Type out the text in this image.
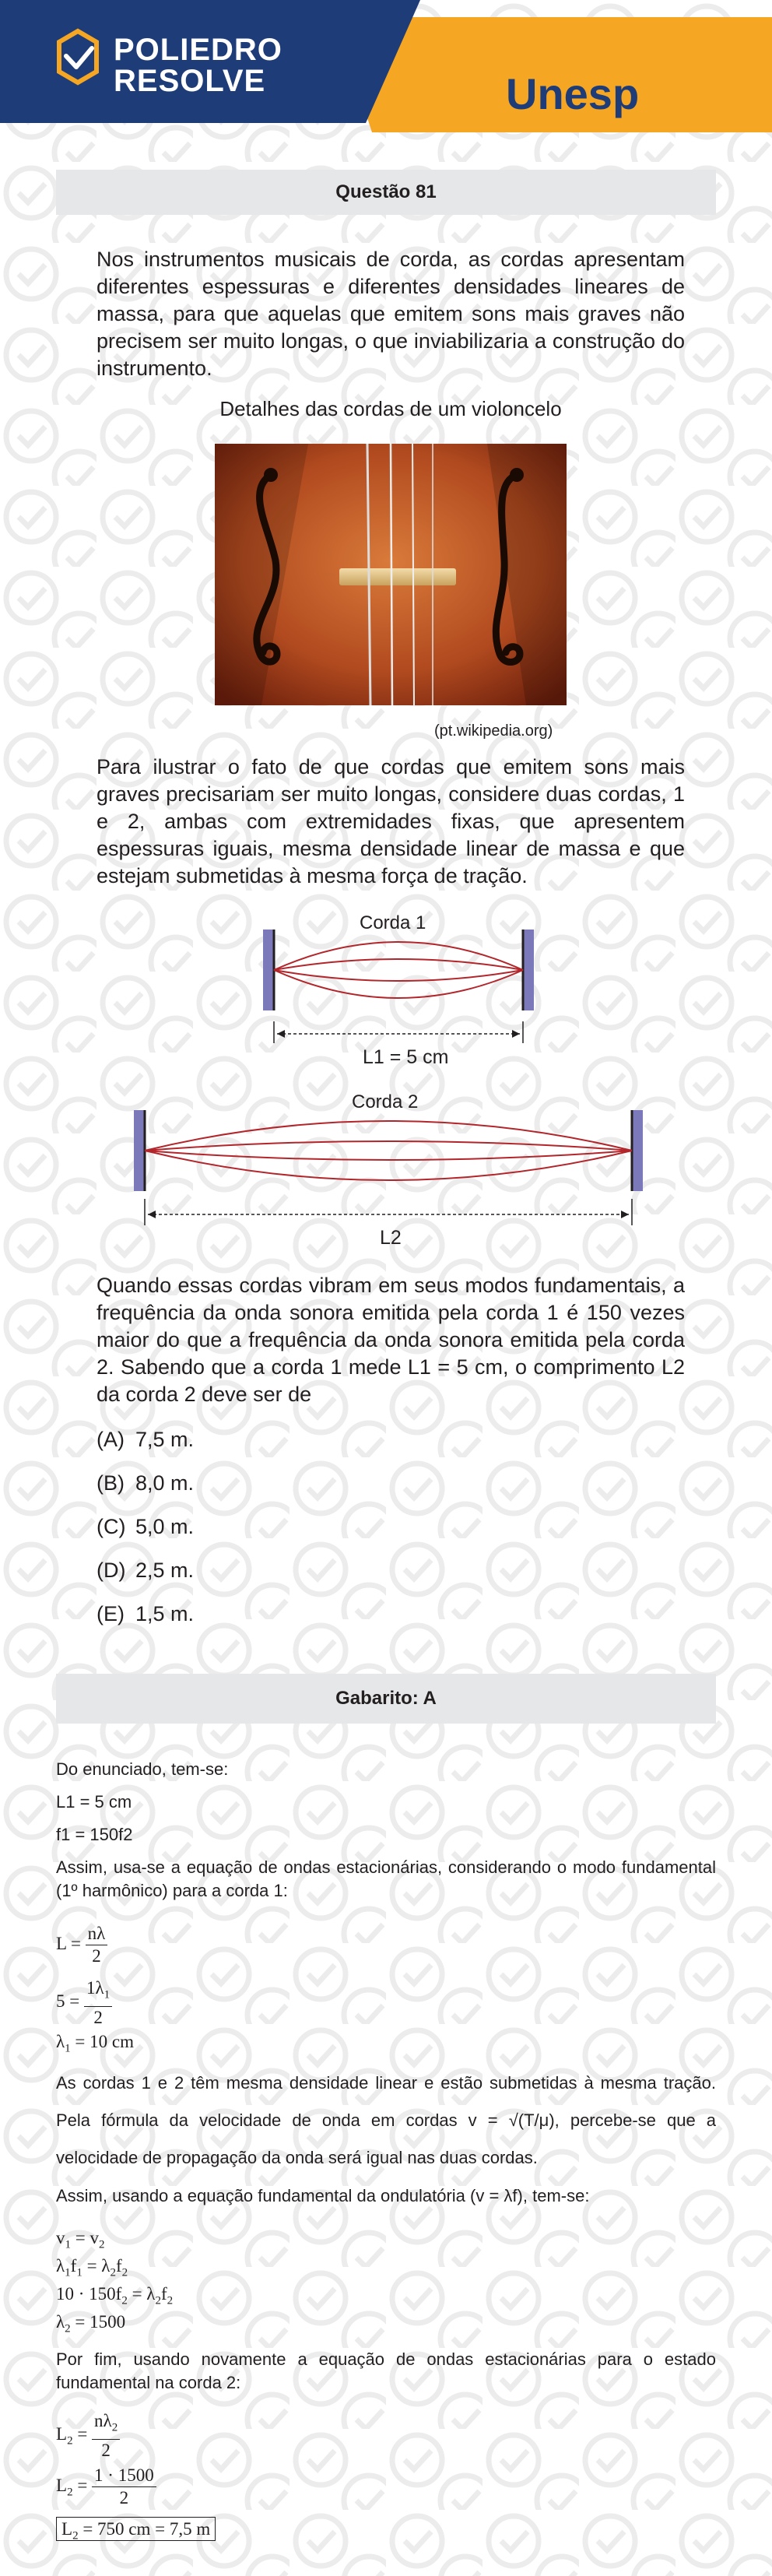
POLIEDRO
RESOLVE	Unesp
Questão 81
Nos instrumentos musicais de corda, as cordas apresentam diferentes espessuras e diferentes densidades lineares de massa, para que aquelas que emitem sons mais graves não precisem ser muito longas, o que inviabilizaria a construção do instrumento.
Detalhes das cordas de um violoncelo
(pt.wikipedia.org)
Para ilustrar o fato de que cordas que emitem sons mais graves precisariam ser muito longas, considere duas cordas, 1 e 2, ambas com extremidades fixas, que apresentem espessuras iguais, mesma densidade linear de massa e que estejam submetidas à mesma força de tração.
Corda 1
L1 = 5 cm
Corda 2
L2
Quando essas cordas vibram em seus modos fundamentais, a frequência da onda sonora emitida pela corda 1 é 150 vezes maior do que a frequência da onda sonora emitida pela corda 2. Sabendo que a corda 1 mede L1 = 5 cm, o comprimento L2 da corda 2 deve ser de
(A) 7,5 m.
(B) 8,0 m.
(C) 5,0 m.
(D) 2,5 m.
(E) 1,5 m.
Gabarito: A
Do enunciado, tem-se:
L1 = 5 cm
f1 = 150f2
Assim, usa-se a equação de ondas estacionárias, considerando o modo fundamental (1º harmônico) para a corda 1:
$L = \frac{n\lambda}{2}$
$5 = \frac{1\lambda_1}{2}$
$\lambda_1 = 10$ cm
As cordas 1 e 2 têm mesma densidade linear e estão submetidas à mesma tração. Pela fórmula da velocidade de onda em cordas v = √(T/μ), percebe-se que a velocidade de propagação da onda será igual nas duas cordas.
Assim, usando a equação fundamental da ondulatória (v = λf), tem-se:
$v_1 = v_2$
$\lambda_1f_1 = \lambda_2f_2$
$10 \cdot 150f_2 = \lambda_2f_2$
$\lambda_2 = 1500$
Por fim, usando novamente a equação de ondas estacionárias para o estado fundamental na corda 2:
$L_2 = \frac{n\lambda_2}{2}$
$L_2 = \frac{1 \cdot 1500}{2}$
$L_2 = 750$ cm = 7,5 m
